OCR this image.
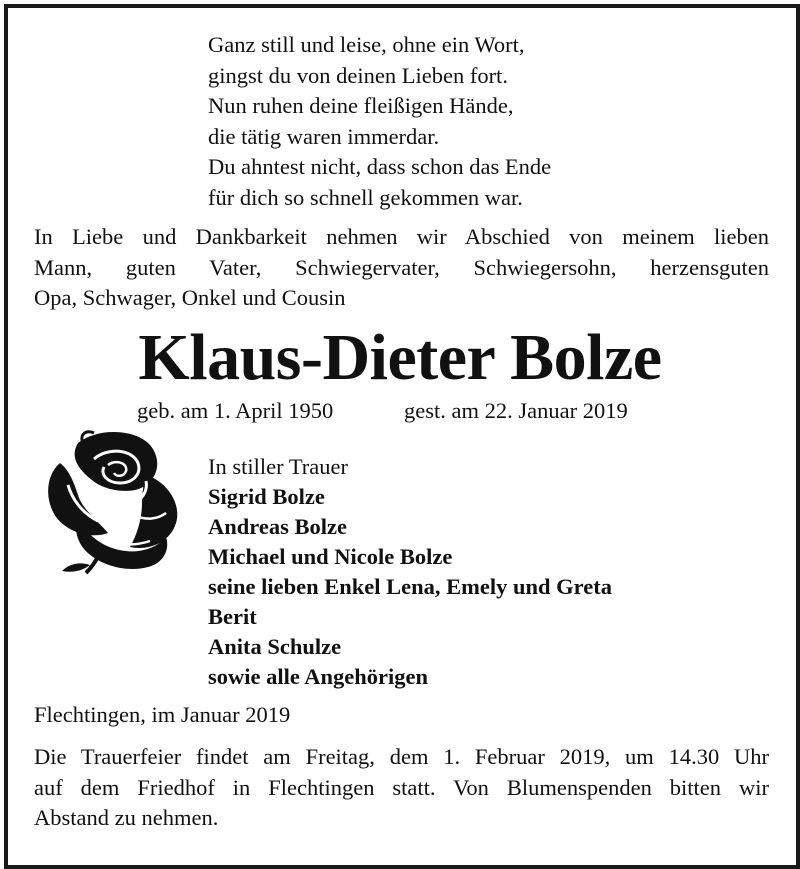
Ganz still und leise, ohne ein Wort,
gingst du von deinen Lieben fort.
Nun ruhen deine fleißigen Hände,
die tätig waren immerdar.
Du ahntest nicht, dass schon das Ende
für dich so schnell gekommen war.
In Liebe und Dankbarkeit nehmen wir Abschied von meinem lieben
Mann, guten Vater, Schwiegervater, Schwiegersohn, herzensguten
Opa, Schwager, Onkel und Cousin
Klaus-Dieter Bolze
geb. am 1. April 1950	gest. am 22. Januar 2019
In stiller Trauer
Sigrid Bolze
Andreas Bolze
Michael und Nicole Bolze
seine lieben Enkel Lena, Emely und Greta
Berit
Anita Schulze
sowie alle Angehörigen
Flechtingen, im Januar 2019
Die Trauerfeier findet am Freitag, dem 1. Februar 2019, um 14.30 Uhr
auf dem Friedhof in Flechtingen statt. Von Blumenspenden bitten wir
Abstand zu nehmen.
